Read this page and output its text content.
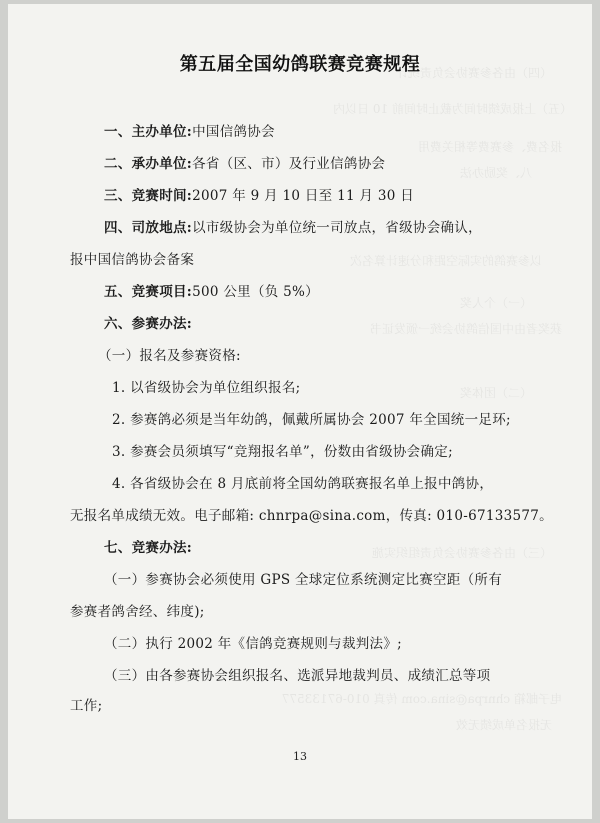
（四）由各参赛协会负责统计
（五）上报成绩时间为截止时间前 10 日以内
报名费、参赛费等相关费用
八、奖励办法
以参赛鸽的实际空距和分速计算名次
（一）个人奖
获奖者由中国信鸽协会统一颁发证书
（二）团体奖
（三）由各参赛协会负责组织实施
电子邮箱 chnrpa@sina.com 传真 010-67133577
无报名单成绩无效
第五届全国幼鸽联赛竞赛规程
一、主办单位:中国信鸽协会
二、承办单位:各省（区、市）及行业信鸽协会
三、竞赛时间:2007 年 9 月 10 日至 11 月 30 日
四、司放地点:以市级协会为单位统一司放点，省级协会确认，
报中国信鸽协会备案
五、竞赛项目:500 公里（负 5%）
六、参赛办法:
（一）报名及参赛资格:
1. 以省级协会为单位组织报名;
2. 参赛鸽必须是当年幼鸽，佩戴所属协会 2007 年全国统一足环;
3. 参赛会员须填写“竞翔报名单”，份数由省级协会确定;
4. 各省级协会在 8 月底前将全国幼鸽联赛报名单上报中鸽协，
无报名单成绩无效。电子邮箱: chnrpa@sina.com，传真: 010-67133577。
七、竞赛办法:
（一）参赛协会必须使用 GPS 全球定位系统测定比赛空距（所有
参赛者鸽舍经、纬度);
（二）执行 2002 年《信鸽竞赛规则与裁判法》;
（三）由各参赛协会组织报名、选派异地裁判员、成绩汇总等项
工作;
13
